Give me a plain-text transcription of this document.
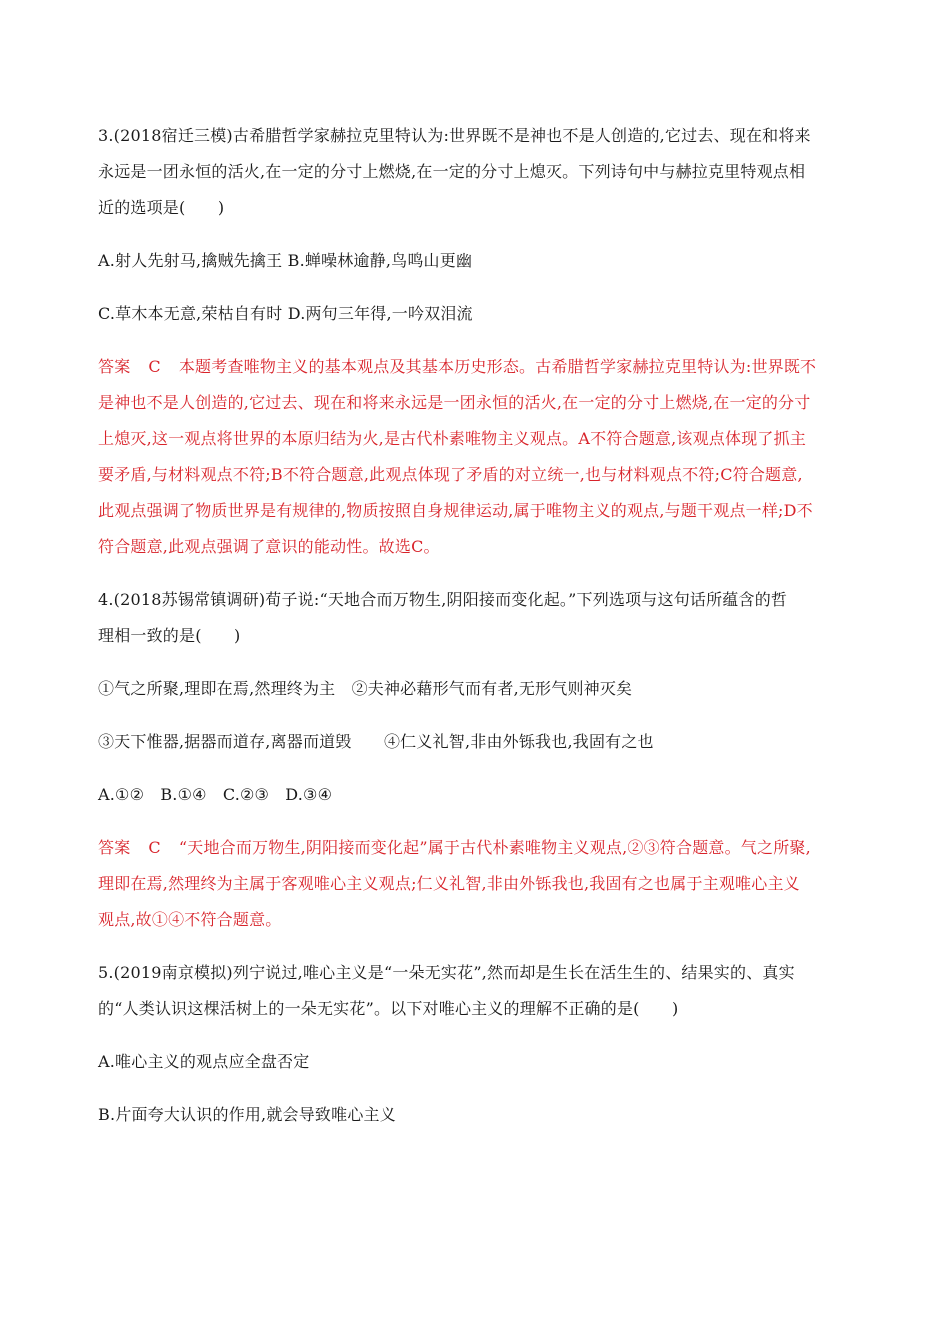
3.(2018宿迁三模)古希腊哲学家赫拉克里特认为:世界既不是神也不是人创造的,它过去、现在和将来

永远是一团永恒的活火,在一定的分寸上燃烧,在一定的分寸上熄灭。下列诗句中与赫拉克里特观点相

近的选项是(　　)

A.射人先射马,擒贼先擒王 B.蝉噪林逾静,鸟鸣山更幽

C.草木本无意,荣枯自有时 D.两句三年得,一吟双泪流

答案 C 本题考查唯物主义的基本观点及其基本历史形态。古希腊哲学家赫拉克里特认为:世界既不

是神也不是人创造的,它过去、现在和将来永远是一团永恒的活火,在一定的分寸上燃烧,在一定的分寸

上熄灭,这一观点将世界的本原归结为火,是古代朴素唯物主义观点。A不符合题意,该观点体现了抓主

要矛盾,与材料观点不符;B不符合题意,此观点体现了矛盾的对立统一,也与材料观点不符;C符合题意,

此观点强调了物质世界是有规律的,物质按照自身规律运动,属于唯物主义的观点,与题干观点一样;D不

符合题意,此观点强调了意识的能动性。故选C。

4.(2018苏锡常镇调研)荀子说:“天地合而万物生,阴阳接而变化起。”下列选项与这句话所蕴含的哲

理相一致的是(　　)

①气之所聚,理即在焉,然理终为主　②夫神必藉形气而有者,无形气则神灭矣

③天下惟器,据器而道存,离器而道毁　　④仁义礼智,非由外铄我也,我固有之也

A.①②　B.①④　C.②③　D.③④

答案 C “天地合而万物生,阴阳接而变化起”属于古代朴素唯物主义观点,②③符合题意。气之所聚,

理即在焉,然理终为主属于客观唯心主义观点;仁义礼智,非由外铄我也,我固有之也属于主观唯心主义

观点,故①④不符合题意。

5.(2019南京模拟)列宁说过,唯心主义是“一朵无实花”,然而却是生长在活生生的、结果实的、真实

的“人类认识这棵活树上的一朵无实花”。以下对唯心主义的理解不正确的是(　　)

A.唯心主义的观点应全盘否定

B.片面夸大认识的作用,就会导致唯心主义
